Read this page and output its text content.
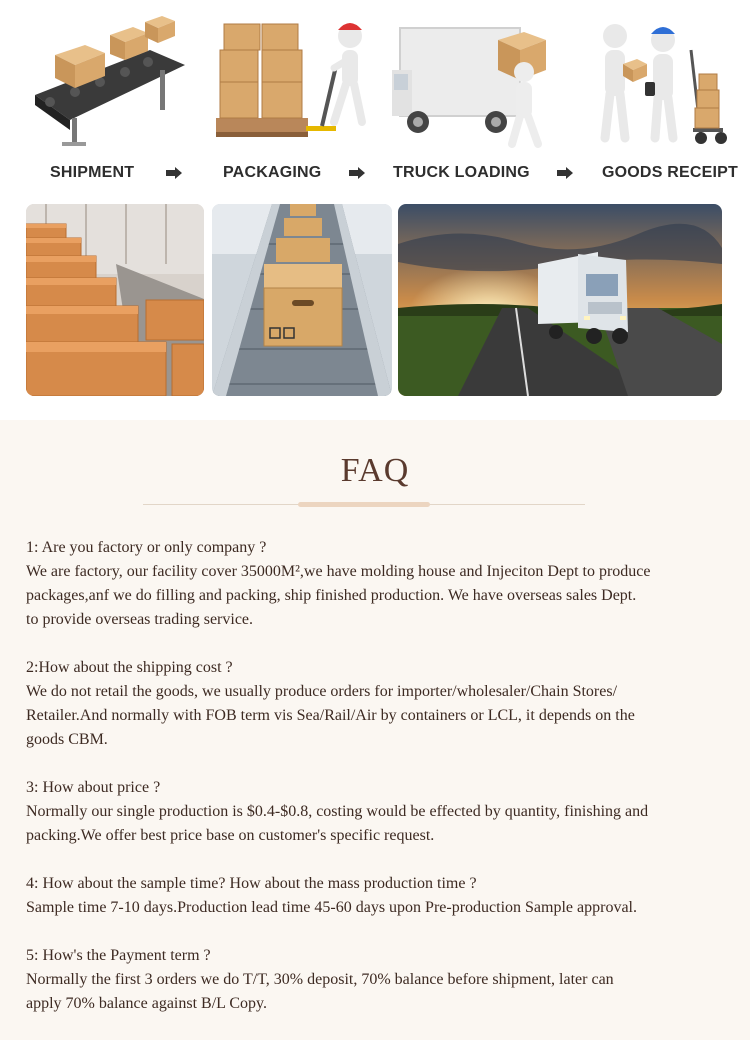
SHIPMENT	PACKAGING	TRUCK LOADING	GOODS RECEIPT
FAQ

1: Are you factory or only company ?

We are factory, our facility cover 35000M²,we have molding house and Injeciton Dept to produce
packages,anf we do filling and packing, ship finished production. We have overseas sales Dept.
to provide overseas trading service.

2:How about the shipping cost ?

We do not retail the goods, we usually produce orders for importer/wholesaler/Chain Stores/
Retailer.And normally with FOB term vis Sea/Rail/Air by containers or LCL, it depends on the
goods CBM.

3: How about price ?

Normally our single production is $0.4-$0.8, costing would be effected by quantity, finishing and
packing.We offer best price base on customer's specific request.

4: How about the sample time? How about the mass production time ?

Sample time 7-10 days.Production lead time 45-60 days upon Pre-production Sample approval.

5: How's the Payment term ?

Normally the first 3 orders we do T/T, 30% deposit, 70% balance before shipment, later can
apply 70% balance against B/L Copy.
